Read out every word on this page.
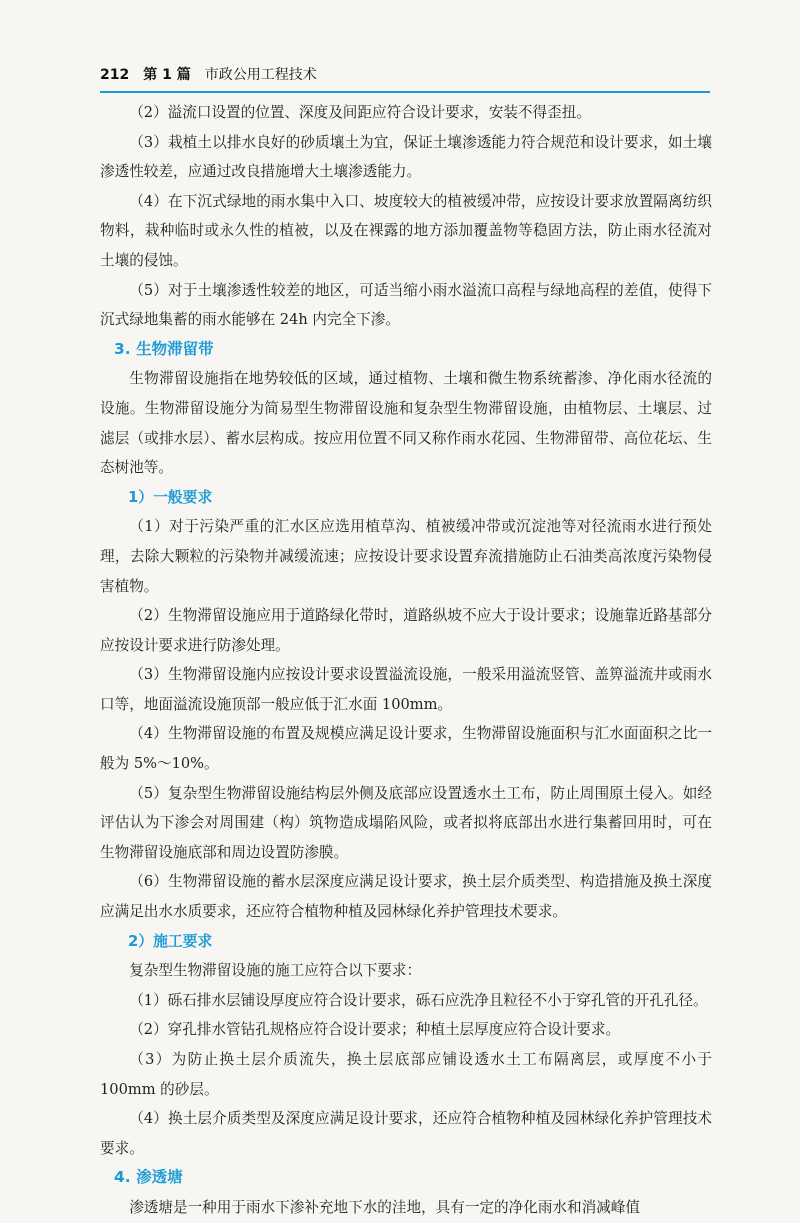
212 第 1 篇 市政公用工程技术

（2）溢流口设置的位置、深度及间距应符合设计要求，安装不得歪扭。

（3）栽植土以排水良好的砂质壤土为宜，保证土壤渗透能力符合规范和设计要求，如土壤渗透性较差，应通过改良措施增大土壤渗透能力。

（4）在下沉式绿地的雨水集中入口、坡度较大的植被缓冲带，应按设计要求放置隔离纺织物料，栽种临时或永久性的植被，以及在裸露的地方添加覆盖物等稳固方法，防止雨水径流对土壤的侵蚀。

（5）对于土壤渗透性较差的地区，可适当缩小雨水溢流口高程与绿地高程的差值，使得下沉式绿地集蓄的雨水能够在 24h 内完全下渗。

3. 生物滞留带

生物滞留设施指在地势较低的区域，通过植物、土壤和微生物系统蓄渗、净化雨水径流的设施。生物滞留设施分为简易型生物滞留设施和复杂型生物滞留设施，由植物层、土壤层、过滤层（或排水层）、蓄水层构成。按应用位置不同又称作雨水花园、生物滞留带、高位花坛、生态树池等。

1）一般要求

（1）对于污染严重的汇水区应选用植草沟、植被缓冲带或沉淀池等对径流雨水进行预处理，去除大颗粒的污染物并减缓流速；应按设计要求设置弃流措施防止石油类高浓度污染物侵害植物。

（2）生物滞留设施应用于道路绿化带时，道路纵坡不应大于设计要求；设施靠近路基部分应按设计要求进行防渗处理。

（3）生物滞留设施内应按设计要求设置溢流设施，一般采用溢流竖管、盖箅溢流井或雨水口等，地面溢流设施顶部一般应低于汇水面 100mm。

（4）生物滞留设施的布置及规模应满足设计要求，生物滞留设施面积与汇水面面积之比一般为 5%～10%。

（5）复杂型生物滞留设施结构层外侧及底部应设置透水土工布，防止周围原土侵入。如经评估认为下渗会对周围建（构）筑物造成塌陷风险，或者拟将底部出水进行集蓄回用时，可在生物滞留设施底部和周边设置防渗膜。

（6）生物滞留设施的蓄水层深度应满足设计要求，换土层介质类型、构造措施及换土深度应满足出水水质要求，还应符合植物种植及园林绿化养护管理技术要求。

2）施工要求

复杂型生物滞留设施的施工应符合以下要求：

（1）砾石排水层铺设厚度应符合设计要求，砾石应洗净且粒径不小于穿孔管的开孔孔径。

（2）穿孔排水管钻孔规格应符合设计要求；种植土层厚度应符合设计要求。

（3）为防止换土层介质流失，换土层底部应铺设透水土工布隔离层，或厚度不小于 100mm 的砂层。

（4）换土层介质类型及深度应满足设计要求，还应符合植物种植及园林绿化养护管理技术要求。

4. 渗透塘

渗透塘是一种用于雨水下渗补充地下水的洼地，具有一定的净化雨水和消减峰值
